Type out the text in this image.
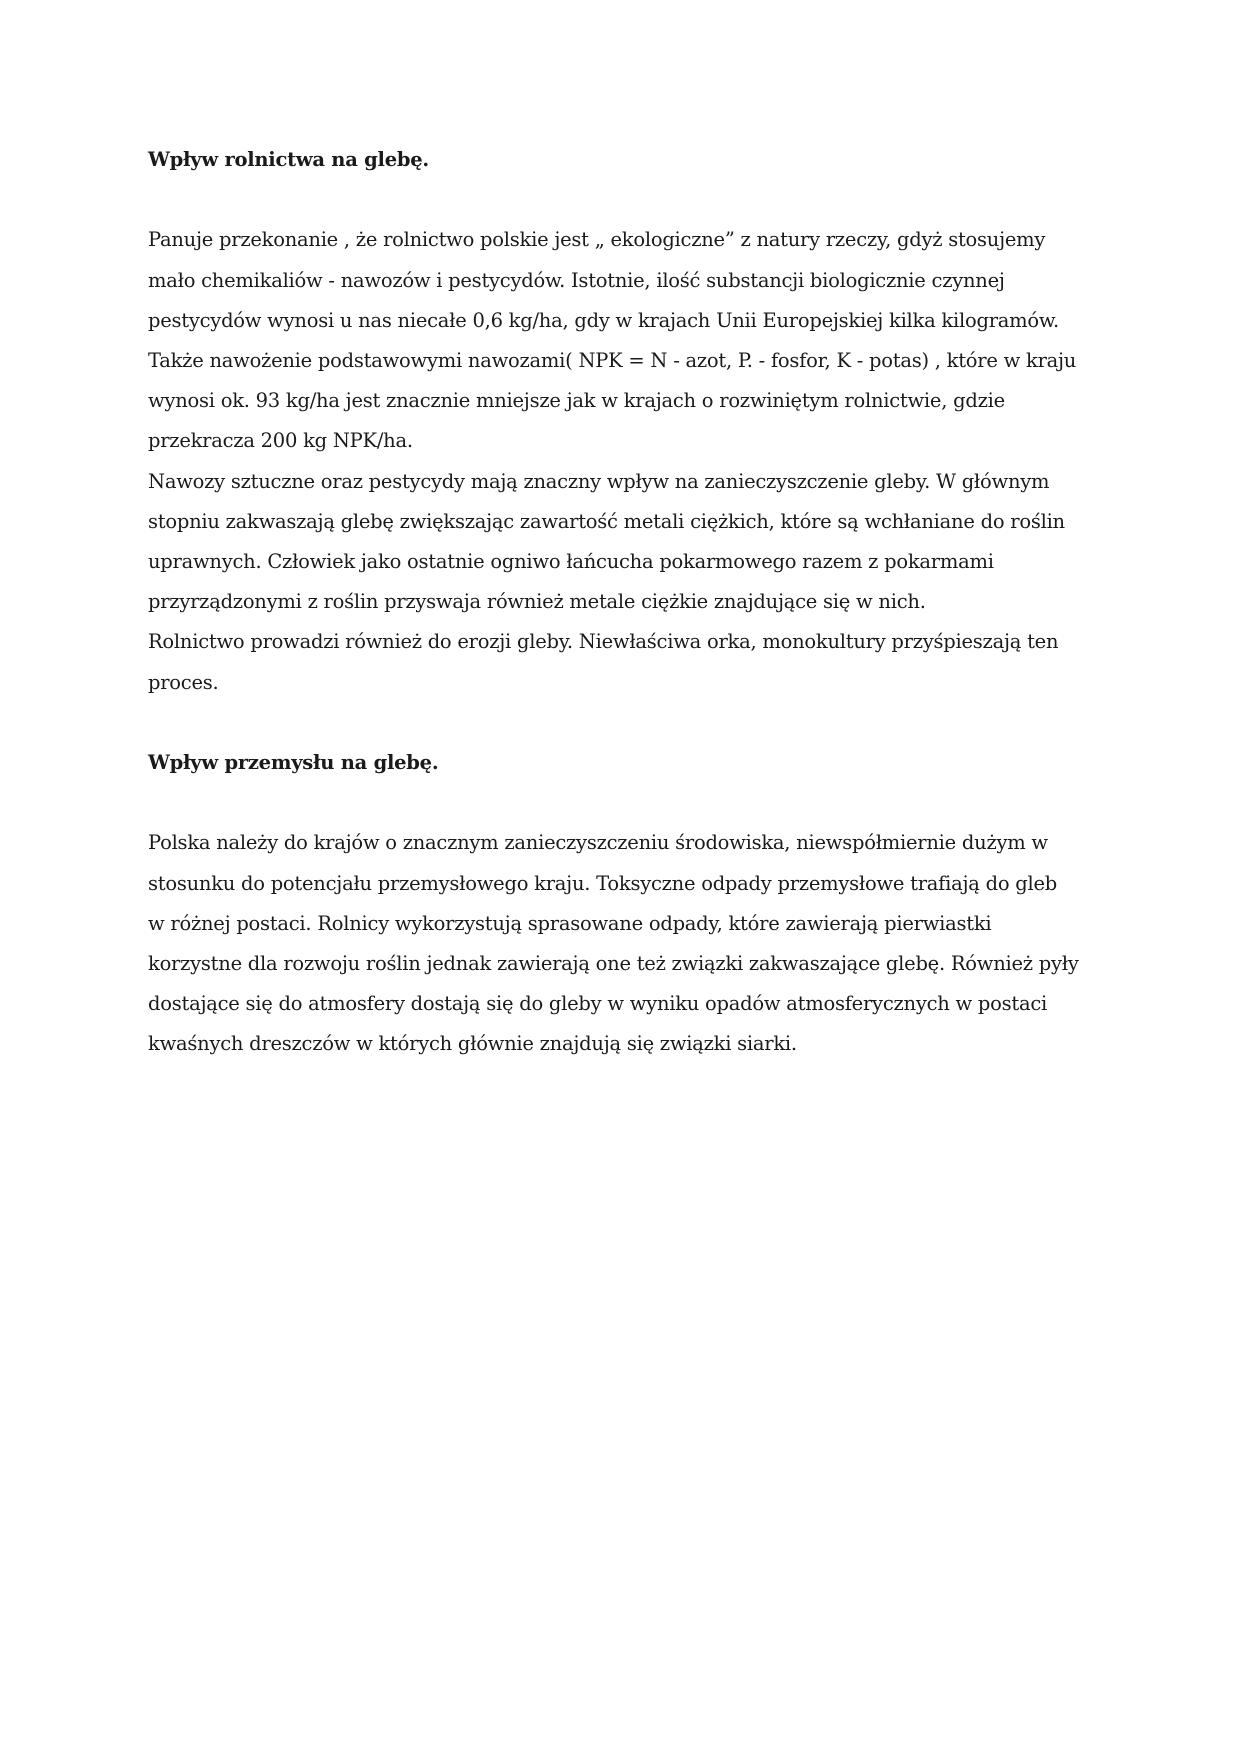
Wpływ rolnictwa na glebę.

Panuje przekonanie , że rolnictwo polskie jest „ ekologiczne” z natury rzeczy, gdyż stosujemy
mało chemikaliów - nawozów i pestycydów. Istotnie, ilość substancji biologicznie czynnej
pestycydów wynosi u nas niecałe 0,6 kg/ha, gdy w krajach Unii Europejskiej kilka kilogramów.
Także nawożenie podstawowymi nawozami( NPK = N - azot, P. - fosfor, K - potas) , które w kraju
wynosi ok. 93 kg/ha jest znacznie mniejsze jak w krajach o rozwiniętym rolnictwie, gdzie
przekracza 200 kg NPK/ha.

Nawozy sztuczne oraz pestycydy mają znaczny wpływ na zanieczyszczenie gleby. W głównym
stopniu zakwaszają glebę zwiększając zawartość metali ciężkich, które są wchłaniane do roślin
uprawnych. Człowiek jako ostatnie ogniwo łańcucha pokarmowego razem z pokarmami
przyrządzonymi z roślin przyswaja również metale ciężkie znajdujące się w nich.

Rolnictwo prowadzi również do erozji gleby. Niewłaściwa orka, monokultury przyśpieszają ten
proces.

Wpływ przemysłu na glebę.

Polska należy do krajów o znacznym zanieczyszczeniu środowiska, niewspółmiernie dużym w
stosunku do potencjału przemysłowego kraju. Toksyczne odpady przemysłowe trafiają do gleb
w różnej postaci. Rolnicy wykorzystują sprasowane odpady, które zawierają pierwiastki
korzystne dla rozwoju roślin jednak zawierają one też związki zakwaszające glebę. Również pyły
dostające się do atmosfery dostają się do gleby w wyniku opadów atmosferycznych w postaci
kwaśnych dreszczów w których głównie znajdują się związki siarki.
